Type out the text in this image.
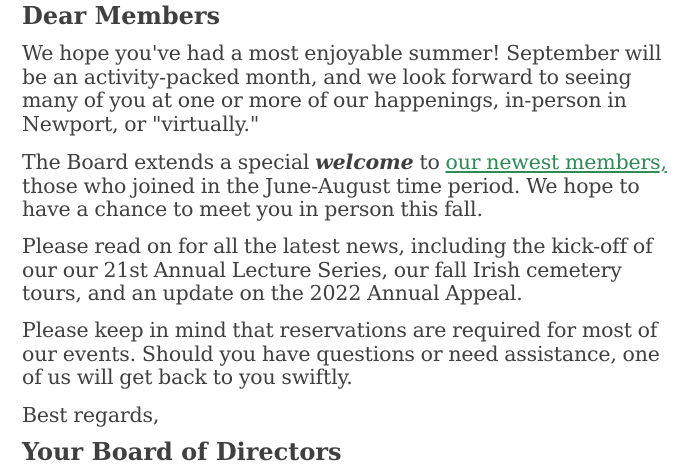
Dear Members

We hope you've had a most enjoyable summer! September will
be an activity-packed month, and we look forward to seeing
many of you at one or more of our happenings, in-person in
Newport, or "virtually."

The Board extends a special welcome to our newest members,
those who joined in the June-August time period. We hope to
have a chance to meet you in person this fall.

Please read on for all the latest news, including the kick-off of
our our 21st Annual Lecture Series, our fall Irish cemetery
tours, and an update on the 2022 Annual Appeal.

Please keep in mind that reservations are required for most of
our events. Should you have questions or need assistance, one
of us will get back to you swiftly.

Best regards,

Your Board of Directors
